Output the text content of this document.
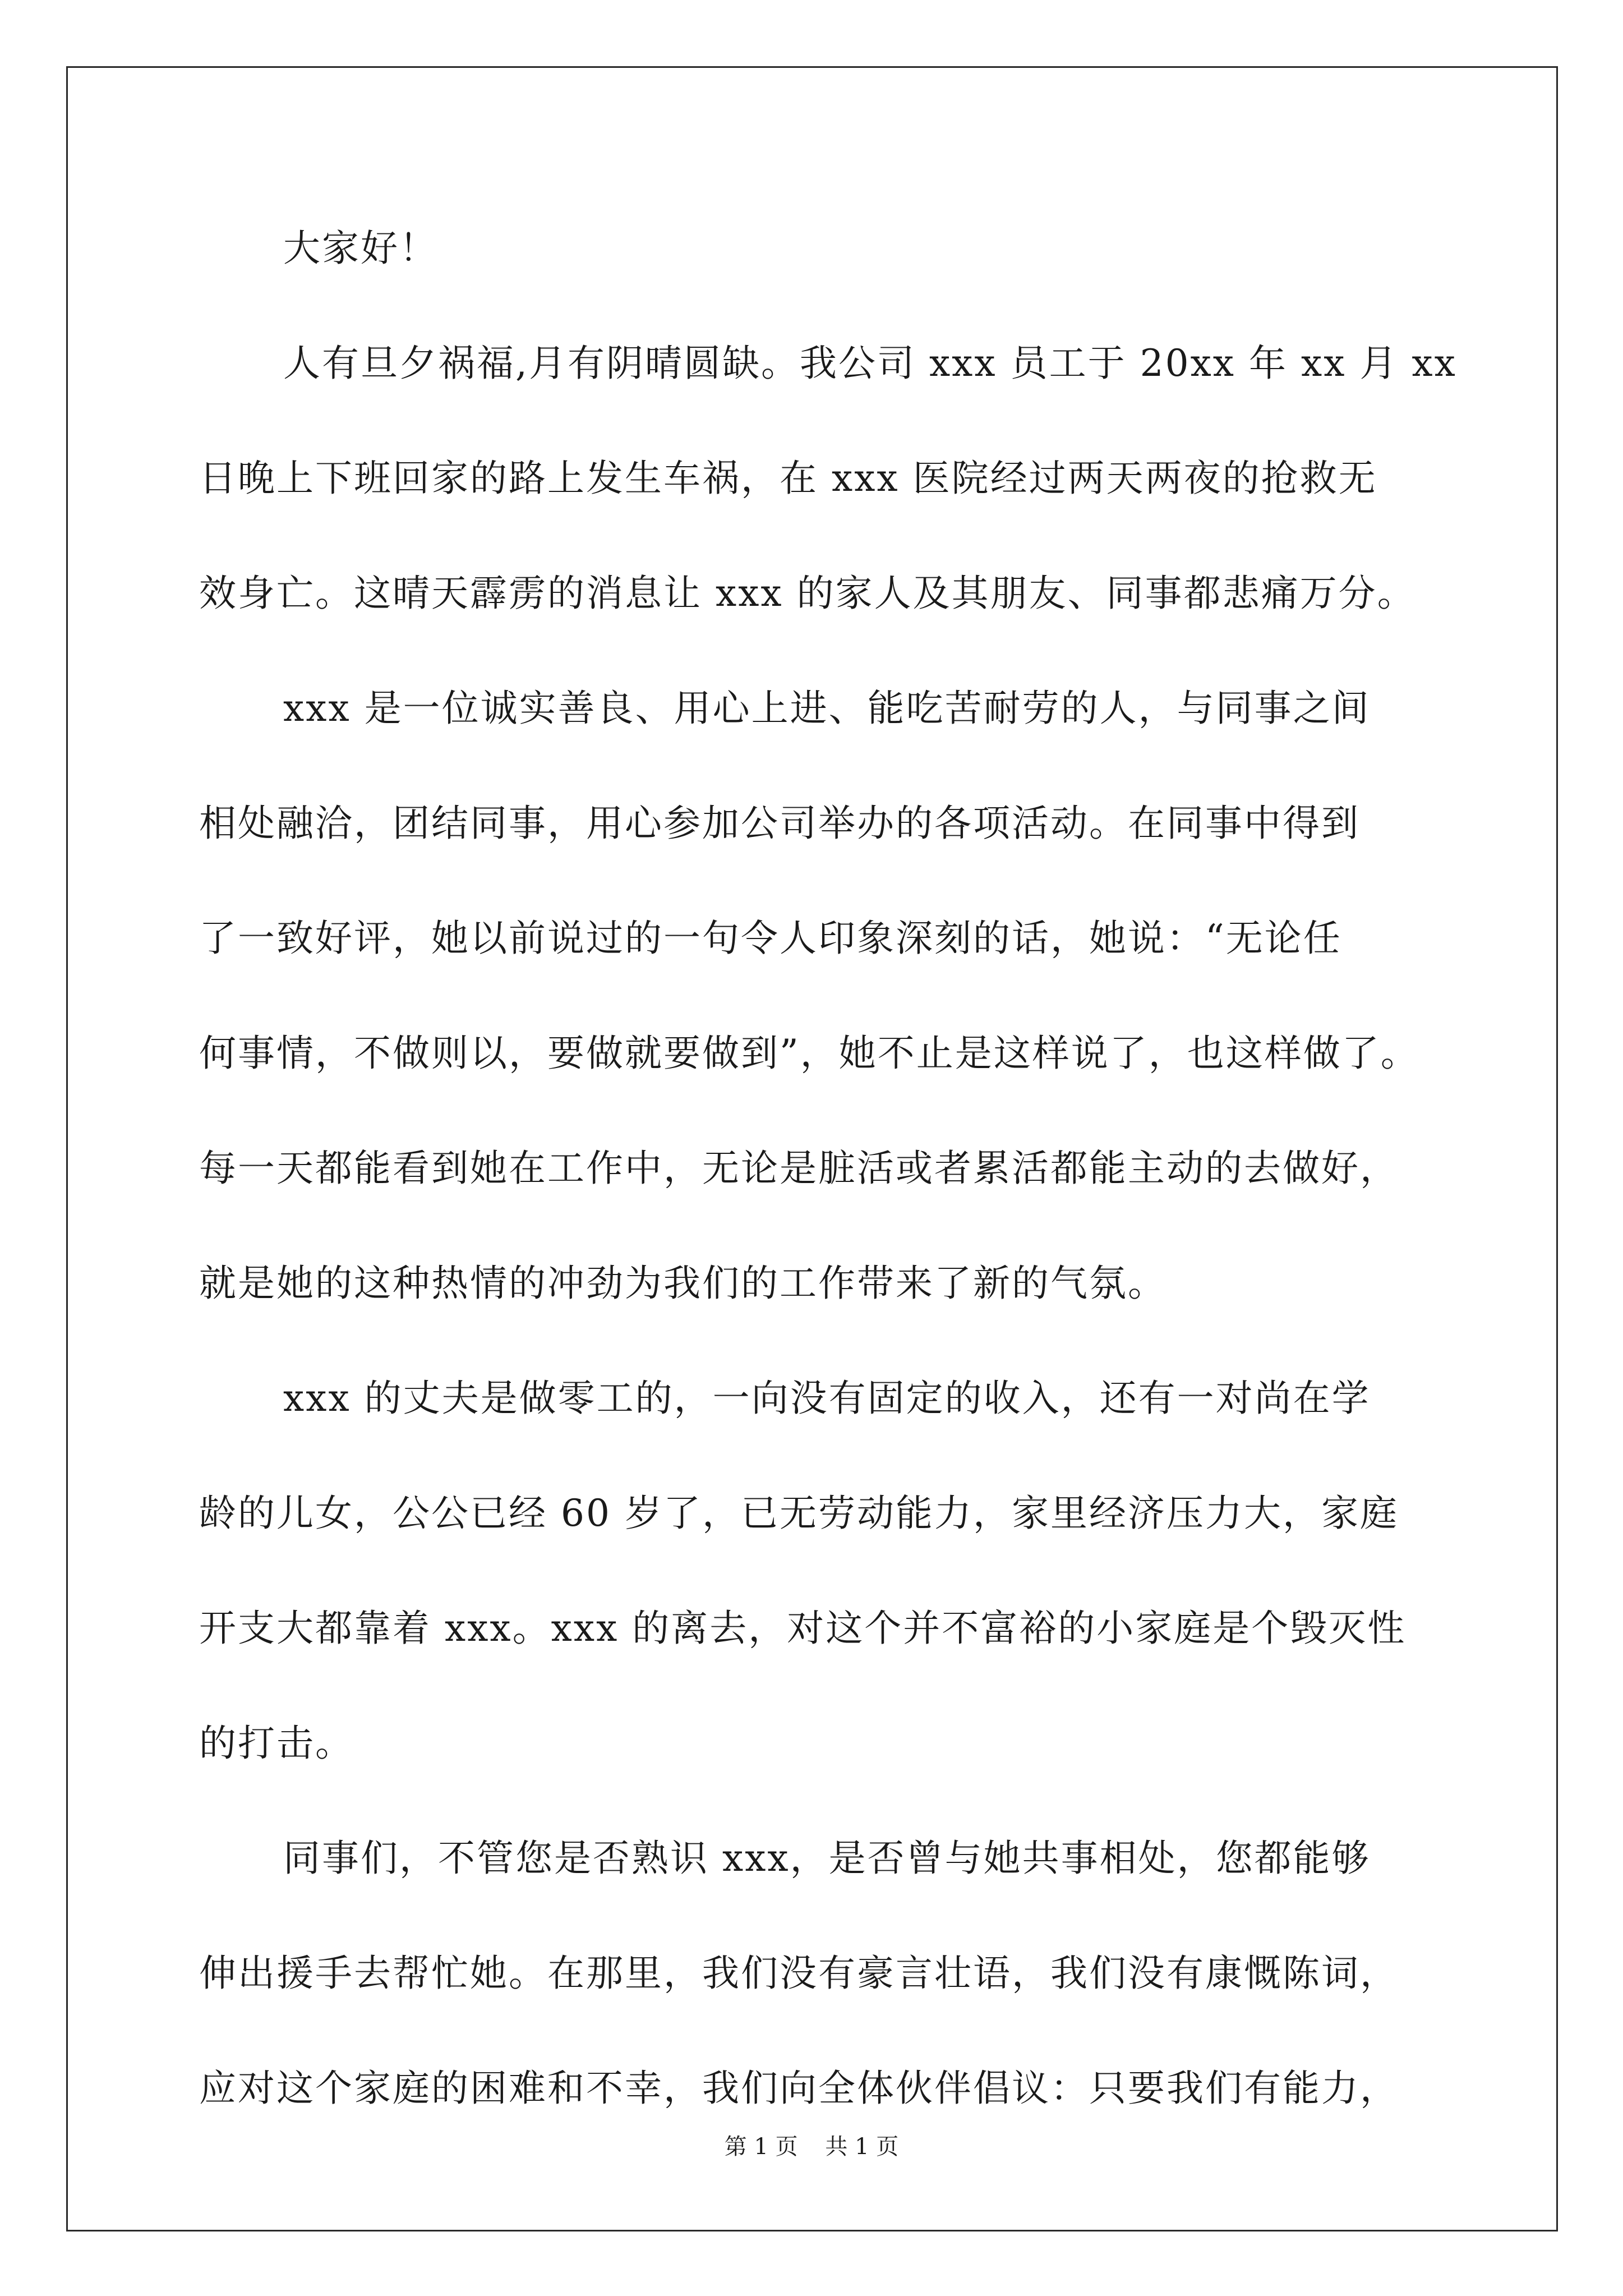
大家好！
人有旦夕祸福,月有阴晴圆缺。我公司 xxx 员工于 20xx 年 xx 月 xx
日晚上下班回家的路上发生车祸，在 xxx 医院经过两天两夜的抢救无
效身亡。这晴天霹雳的消息让 xxx 的家人及其朋友、同事都悲痛万分。
xxx 是一位诚实善良、用心上进、能吃苦耐劳的人，与同事之间
相处融洽，团结同事，用心参加公司举办的各项活动。在同事中得到
了一致好评，她以前说过的一句令人印象深刻的话，她说：“无论任
何事情，不做则以，要做就要做到”，她不止是这样说了，也这样做了。
每一天都能看到她在工作中，无论是脏活或者累活都能主动的去做好，
就是她的这种热情的冲劲为我们的工作带来了新的气氛。
xxx 的丈夫是做零工的，一向没有固定的收入，还有一对尚在学
龄的儿女，公公已经 60 岁了，已无劳动能力，家里经济压力大，家庭
开支大都靠着 xxx。xxx 的离去，对这个并不富裕的小家庭是个毁灭性
的打击。
同事们，不管您是否熟识 xxx，是否曾与她共事相处，您都能够
伸出援手去帮忙她。在那里，我们没有豪言壮语，我们没有康慨陈词，
应对这个家庭的困难和不幸，我们向全体伙伴倡议：只要我们有能力，
第 1 页 共 1 页
